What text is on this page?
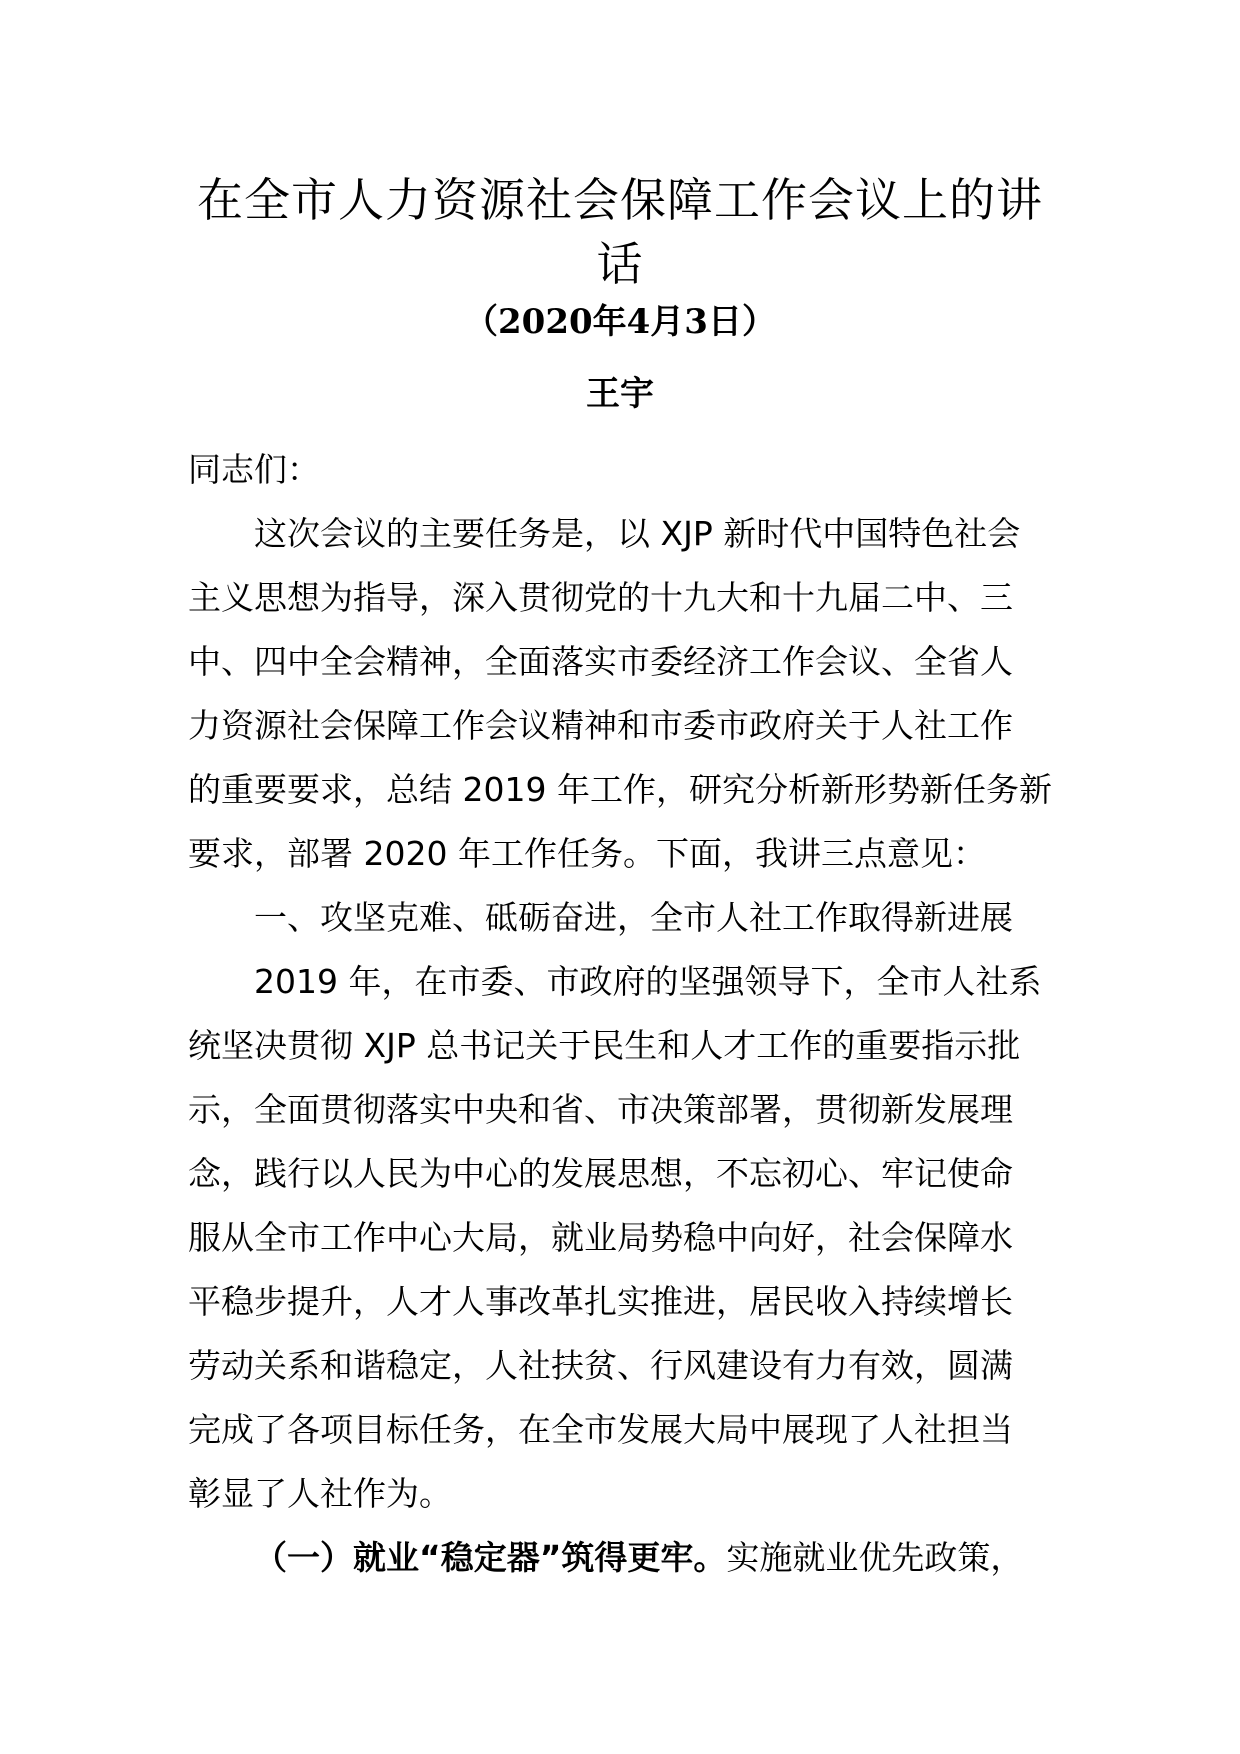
在全市人力资源社会保障工作会议上的讲
话
（2020年4月3日）
王宇
同志们：
这次会议的主要任务是，以 XJP 新时代中国特色社会
主义思想为指导，深入贯彻党的十九大和十九届二中、三
中、四中全会精神，全面落实市委经济工作会议、全省人
力资源社会保障工作会议精神和市委市政府关于人社工作
的重要要求，总结 2019 年工作，研究分析新形势新任务新
要求，部署 2020 年工作任务。下面，我讲三点意见：
一、攻坚克难、砥砺奋进，全市人社工作取得新进展
2019 年，在市委、市政府的坚强领导下，全市人社系
统坚决贯彻 XJP 总书记关于民生和人才工作的重要指示批
示，全面贯彻落实中央和省、市决策部署，贯彻新发展理
念，践行以人民为中心的发展思想，不忘初心、牢记使命
服从全市工作中心大局，就业局势稳中向好，社会保障水
平稳步提升，人才人事改革扎实推进，居民收入持续增长
劳动关系和谐稳定，人社扶贫、行风建设有力有效，圆满
完成了各项目标任务，在全市发展大局中展现了人社担当
彰显了人社作为。
（一）就业“稳定器”筑得更牢。实施就业优先政策，
